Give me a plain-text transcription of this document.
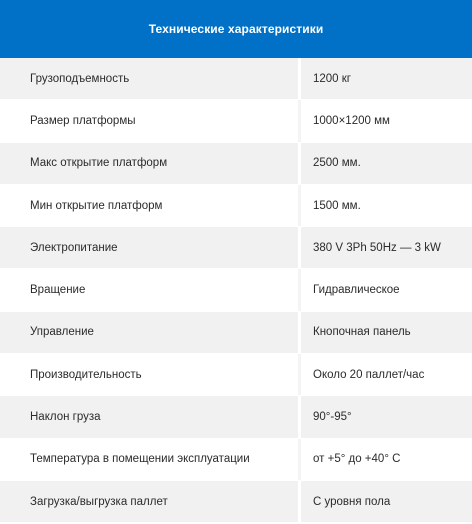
Технические характеристики
Грузоподъемность	1200 кг
Размер платформы	1000×1200 мм
Макс открытие платформ	2500 мм.
Мин открытие платформ	1500 мм.
Электропитание	380 V 3Ph 50Hz — 3 kW
Вращение	Гидравлическое
Управление	Кнопочная панель
Производительность	Около 20 паллет/час
Наклон груза	90°-95°
Температура в помещении эксплуатации	от +5° до +40° С
Загрузка/выгрузка паллет	С уровня пола
